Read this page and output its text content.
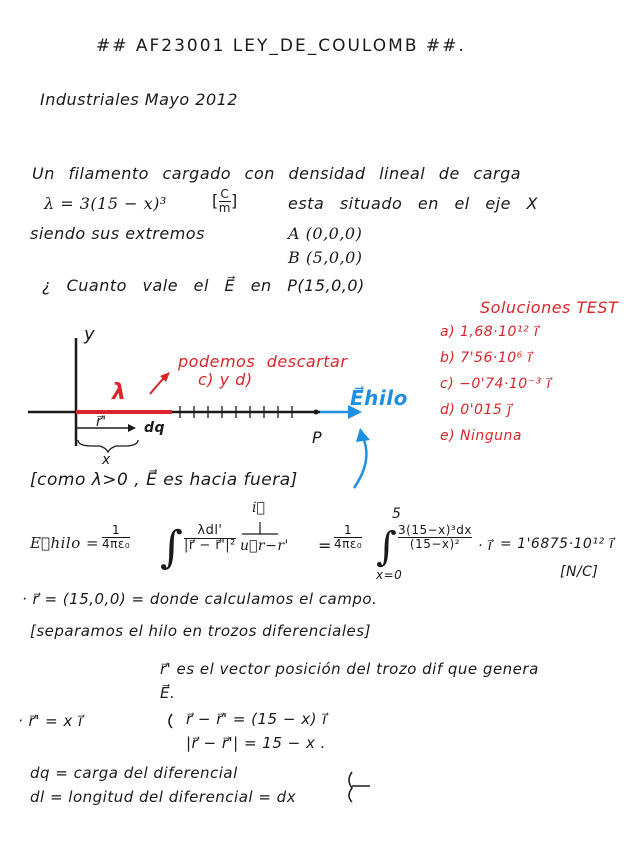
## AF23001 LEY_DE_COULOMB ##.
Industriales Mayo 2012
Un filamento cargado con densidad lineal de carga
λ = 3(15 − x)³	[$\frac{C}{m}$ ]	esta situado en el eje X
siendo sus extremos	A (0,0,0)
B (5,0,0)
¿ Cuanto vale el E⃗ en P(15,0,0)
Soluciones TEST
a) 1,68·10¹² i⃗
b) 7'56·10⁶ i⃗
c) −0'74·10⁻³ i⃗
d) 0'015 j⃗
e) Ninguna
∫	∫
y
λ
podemos descartar
c) y d)
E⃗hilo
r⃗'	dq
x
P
[como λ>0 , E⃗ es hacia fuera]
E⃗hilo = $\frac{1}{\text{4πε₀}}$	$\frac{\text{λdl'}}{\text{|r⃗ − r⃗'|²}}$
i⃗
u⃗r−r' = $\frac{1}{\text{4πε₀}}$
5
x=0
$\frac{\text{3(15−x)³dx}}{\text{(15−x)²}}$ · i⃗ = 1'6875·10¹² i⃗
[N/C]
· r⃗ = (15,0,0) = donde calculamos el campo.
[separamos el hilo en trozos diferenciales]
r⃗' es el vector posición del trozo dif que genera
E⃗.
· r⃗' = x i⃗	r⃗ − r⃗' = (15 − x) i⃗
|r⃗ − r⃗'| = 15 − x .
dq = carga del diferencial
dl = longitud del diferencial = dx
